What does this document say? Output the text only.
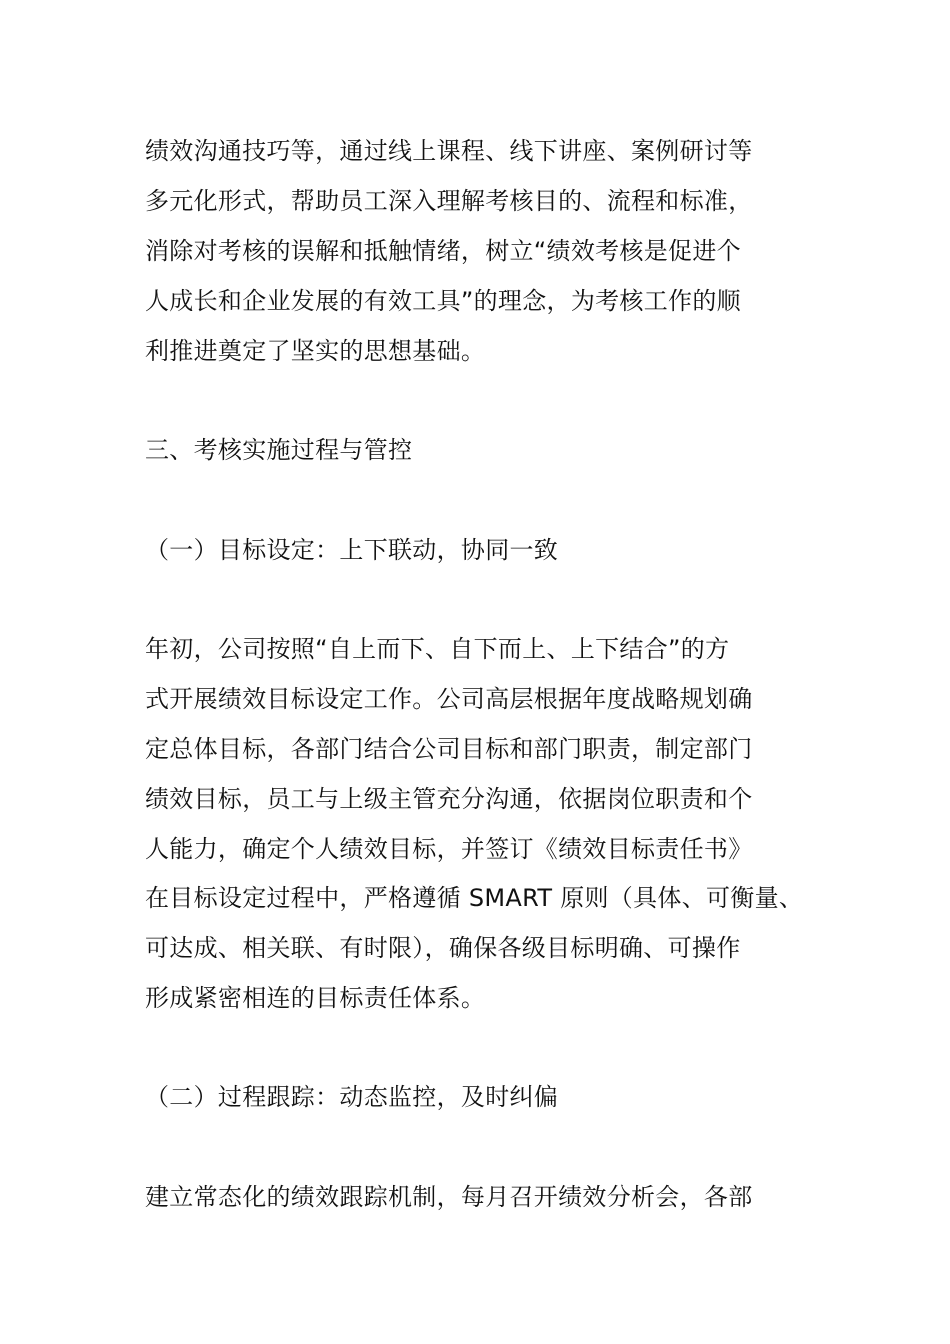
绩效沟通技巧等，通过线上课程、线下讲座、案例研讨等
多元化形式，帮助员工深入理解考核目的、流程和标准，
消除对考核的误解和抵触情绪，树立“绩效考核是促进个
人成长和企业发展的有效工具”的理念，为考核工作的顺
利推进奠定了坚实的思想基础。
三、考核实施过程与管控
（一）目标设定：上下联动，协同一致
年初，公司按照“自上而下、自下而上、上下结合”的方
式开展绩效目标设定工作。公司高层根据年度战略规划确
定总体目标，各部门结合公司目标和部门职责，制定部门
绩效目标，员工与上级主管充分沟通，依据岗位职责和个
人能力，确定个人绩效目标，并签订《绩效目标责任书》
在目标设定过程中，严格遵循 SMART 原则（具体、可衡量、
可达成、相关联、有时限），确保各级目标明确、可操作
形成紧密相连的目标责任体系。
（二）过程跟踪：动态监控，及时纠偏
建立常态化的绩效跟踪机制，每月召开绩效分析会，各部
